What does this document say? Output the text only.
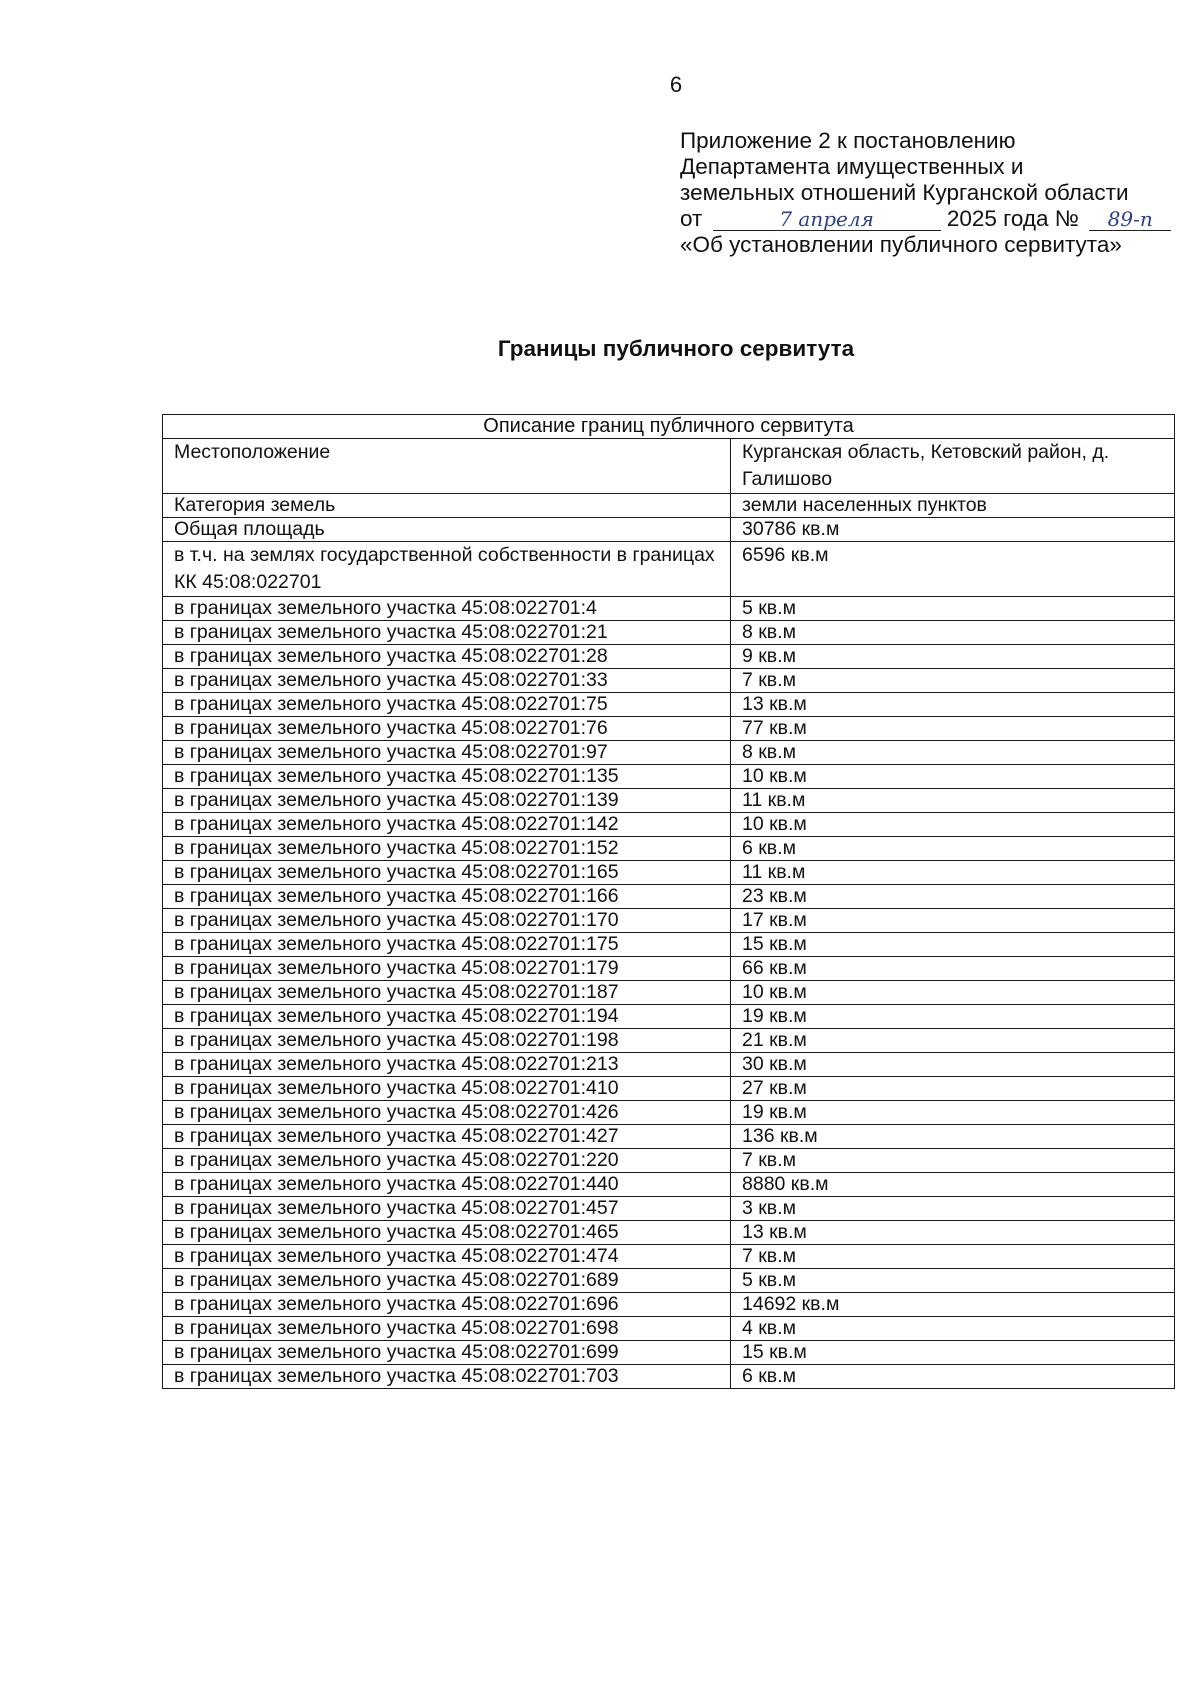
6
Приложение 2 к постановлению
Департамента имущественных и
земельных отношений Курганской области
от	7 апреля	2025 года № 89-п
«Об установлении публичного сервитута»
Границы публичного сервитута
Описание границ публичного сервитута	
Местоположение	Курганская область, Кетовский район, д. Галишово
Категория земель	земли населенных пунктов
Общая площадь	30786 кв.м
в т.ч. на землях государственной собственности в границах КК 45:08:022701	6596 кв.м
в границах земельного участка 45:08:022701:4	5 кв.м
в границах земельного участка 45:08:022701:21	8 кв.м
в границах земельного участка 45:08:022701:28	9 кв.м
в границах земельного участка 45:08:022701:33	7 кв.м
в границах земельного участка 45:08:022701:75	13 кв.м
в границах земельного участка 45:08:022701:76	77 кв.м
в границах земельного участка 45:08:022701:97	8 кв.м
в границах земельного участка 45:08:022701:135	10 кв.м
в границах земельного участка 45:08:022701:139	11 кв.м
в границах земельного участка 45:08:022701:142	10 кв.м
в границах земельного участка 45:08:022701:152	6 кв.м
в границах земельного участка 45:08:022701:165	11 кв.м
в границах земельного участка 45:08:022701:166	23 кв.м
в границах земельного участка 45:08:022701:170	17 кв.м
в границах земельного участка 45:08:022701:175	15 кв.м
в границах земельного участка 45:08:022701:179	66 кв.м
в границах земельного участка 45:08:022701:187	10 кв.м
в границах земельного участка 45:08:022701:194	19 кв.м
в границах земельного участка 45:08:022701:198	21 кв.м
в границах земельного участка 45:08:022701:213	30 кв.м
в границах земельного участка 45:08:022701:410	27 кв.м
в границах земельного участка 45:08:022701:426	19 кв.м
в границах земельного участка 45:08:022701:427	136 кв.м
в границах земельного участка 45:08:022701:220	7 кв.м
в границах земельного участка 45:08:022701:440	8880 кв.м
в границах земельного участка 45:08:022701:457	3 кв.м
в границах земельного участка 45:08:022701:465	13 кв.м
в границах земельного участка 45:08:022701:474	7 кв.м
в границах земельного участка 45:08:022701:689	5 кв.м
в границах земельного участка 45:08:022701:696	14692 кв.м
в границах земельного участка 45:08:022701:698	4 кв.м
в границах земельного участка 45:08:022701:699	15 кв.м
в границах земельного участка 45:08:022701:703	6 кв.м
